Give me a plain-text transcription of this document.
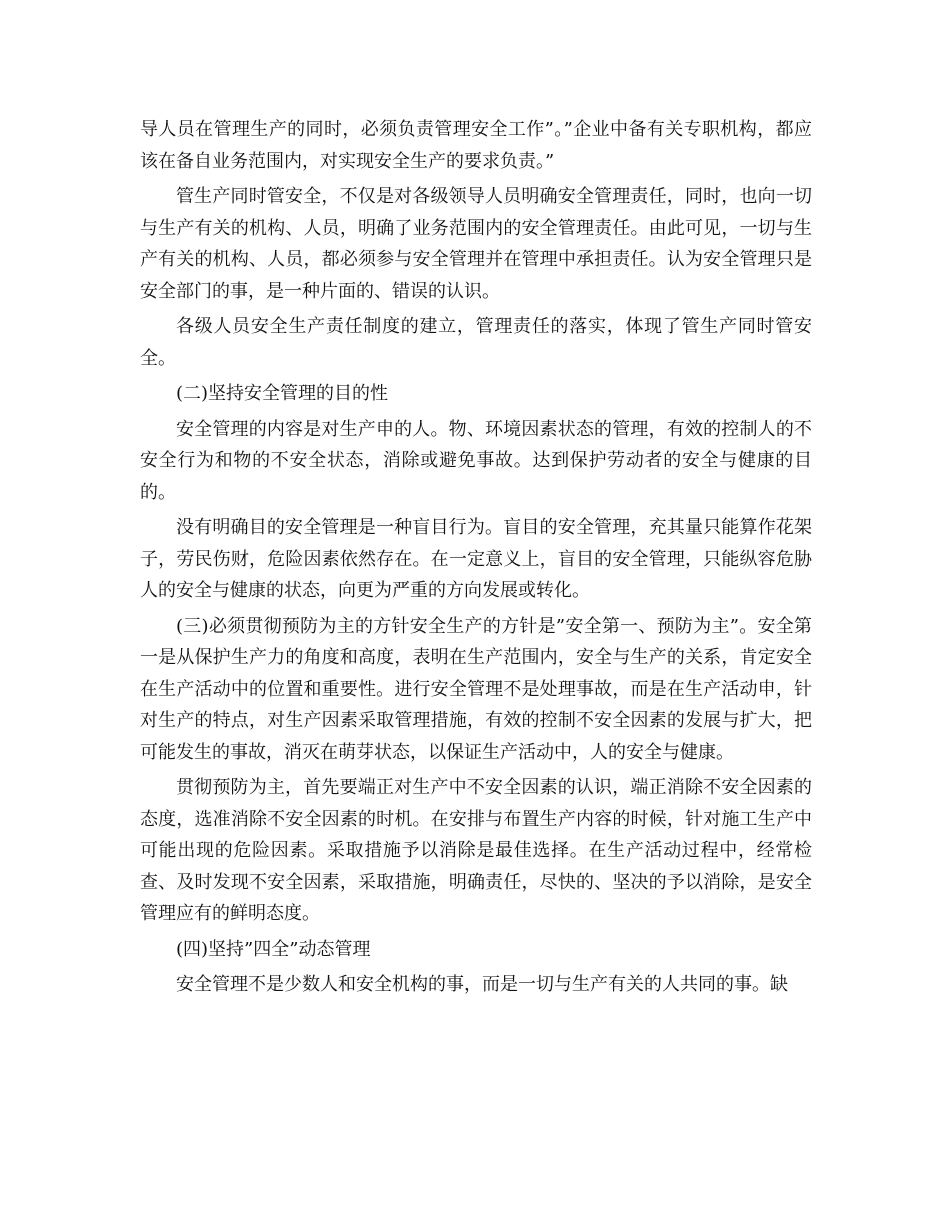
导人员在管理生产的同时，必须负责管理安全工作”。”企业中备有关专职机构，都应该在备自业务范围内，对实现安全生产的要求负责。”

管生产同时管安全，不仅是对各级领导人员明确安全管理责任，同时，也向一切与生产有关的机构、人员，明确了业务范围内的安全管理责任。由此可见，一切与生产有关的机构、人员，都必须参与安全管理并在管理中承担责任。认为安全管理只是安全部门的事，是一种片面的、错误的认识。

各级人员安全生产责任制度的建立，管理责任的落实，体现了管生产同时管安全。

(二)坚持安全管理的目的性

安全管理的内容是对生产申的人。物、环境因素状态的管理，有效的控制人的不安全行为和物的不安全状态，消除或避免事故。达到保护劳动者的安全与健康的目的。

没有明确目的安全管理是一种盲目行为。盲目的安全管理，充其量只能算作花架子，劳民伤财，危险因素依然存在。在一定意义上，盲目的安全管理，只能纵容危胁人的安全与健康的状态，向更为严重的方向发展或转化。

(三)必须贯彻预防为主的方针安全生产的方针是”安全第一、预防为主”。安全第一是从保护生产力的角度和高度，表明在生产范围内，安全与生产的关系，肯定安全在生产活动中的位置和重要性。进行安全管理不是处理事故，而是在生产活动申，针对生产的特点，对生产因素采取管理措施，有效的控制不安全因素的发展与扩大，把可能发生的事故，消灭在萌芽状态，以保证生产活动中，人的安全与健康。

贯彻预防为主，首先要端正对生产中不安全因素的认识，端正消除不安全因素的态度，选准消除不安全因素的时机。在安排与布置生产内容的时候，针对施工生产中可能出现的危险因素。采取措施予以消除是最佳选择。在生产活动过程中，经常检查、及时发现不安全因素，采取措施，明确责任，尽快的、坚决的予以消除，是安全管理应有的鲜明态度。

(四)坚持”四全”动态管理

安全管理不是少数人和安全机构的事，而是一切与生产有关的人共同的事。缺
